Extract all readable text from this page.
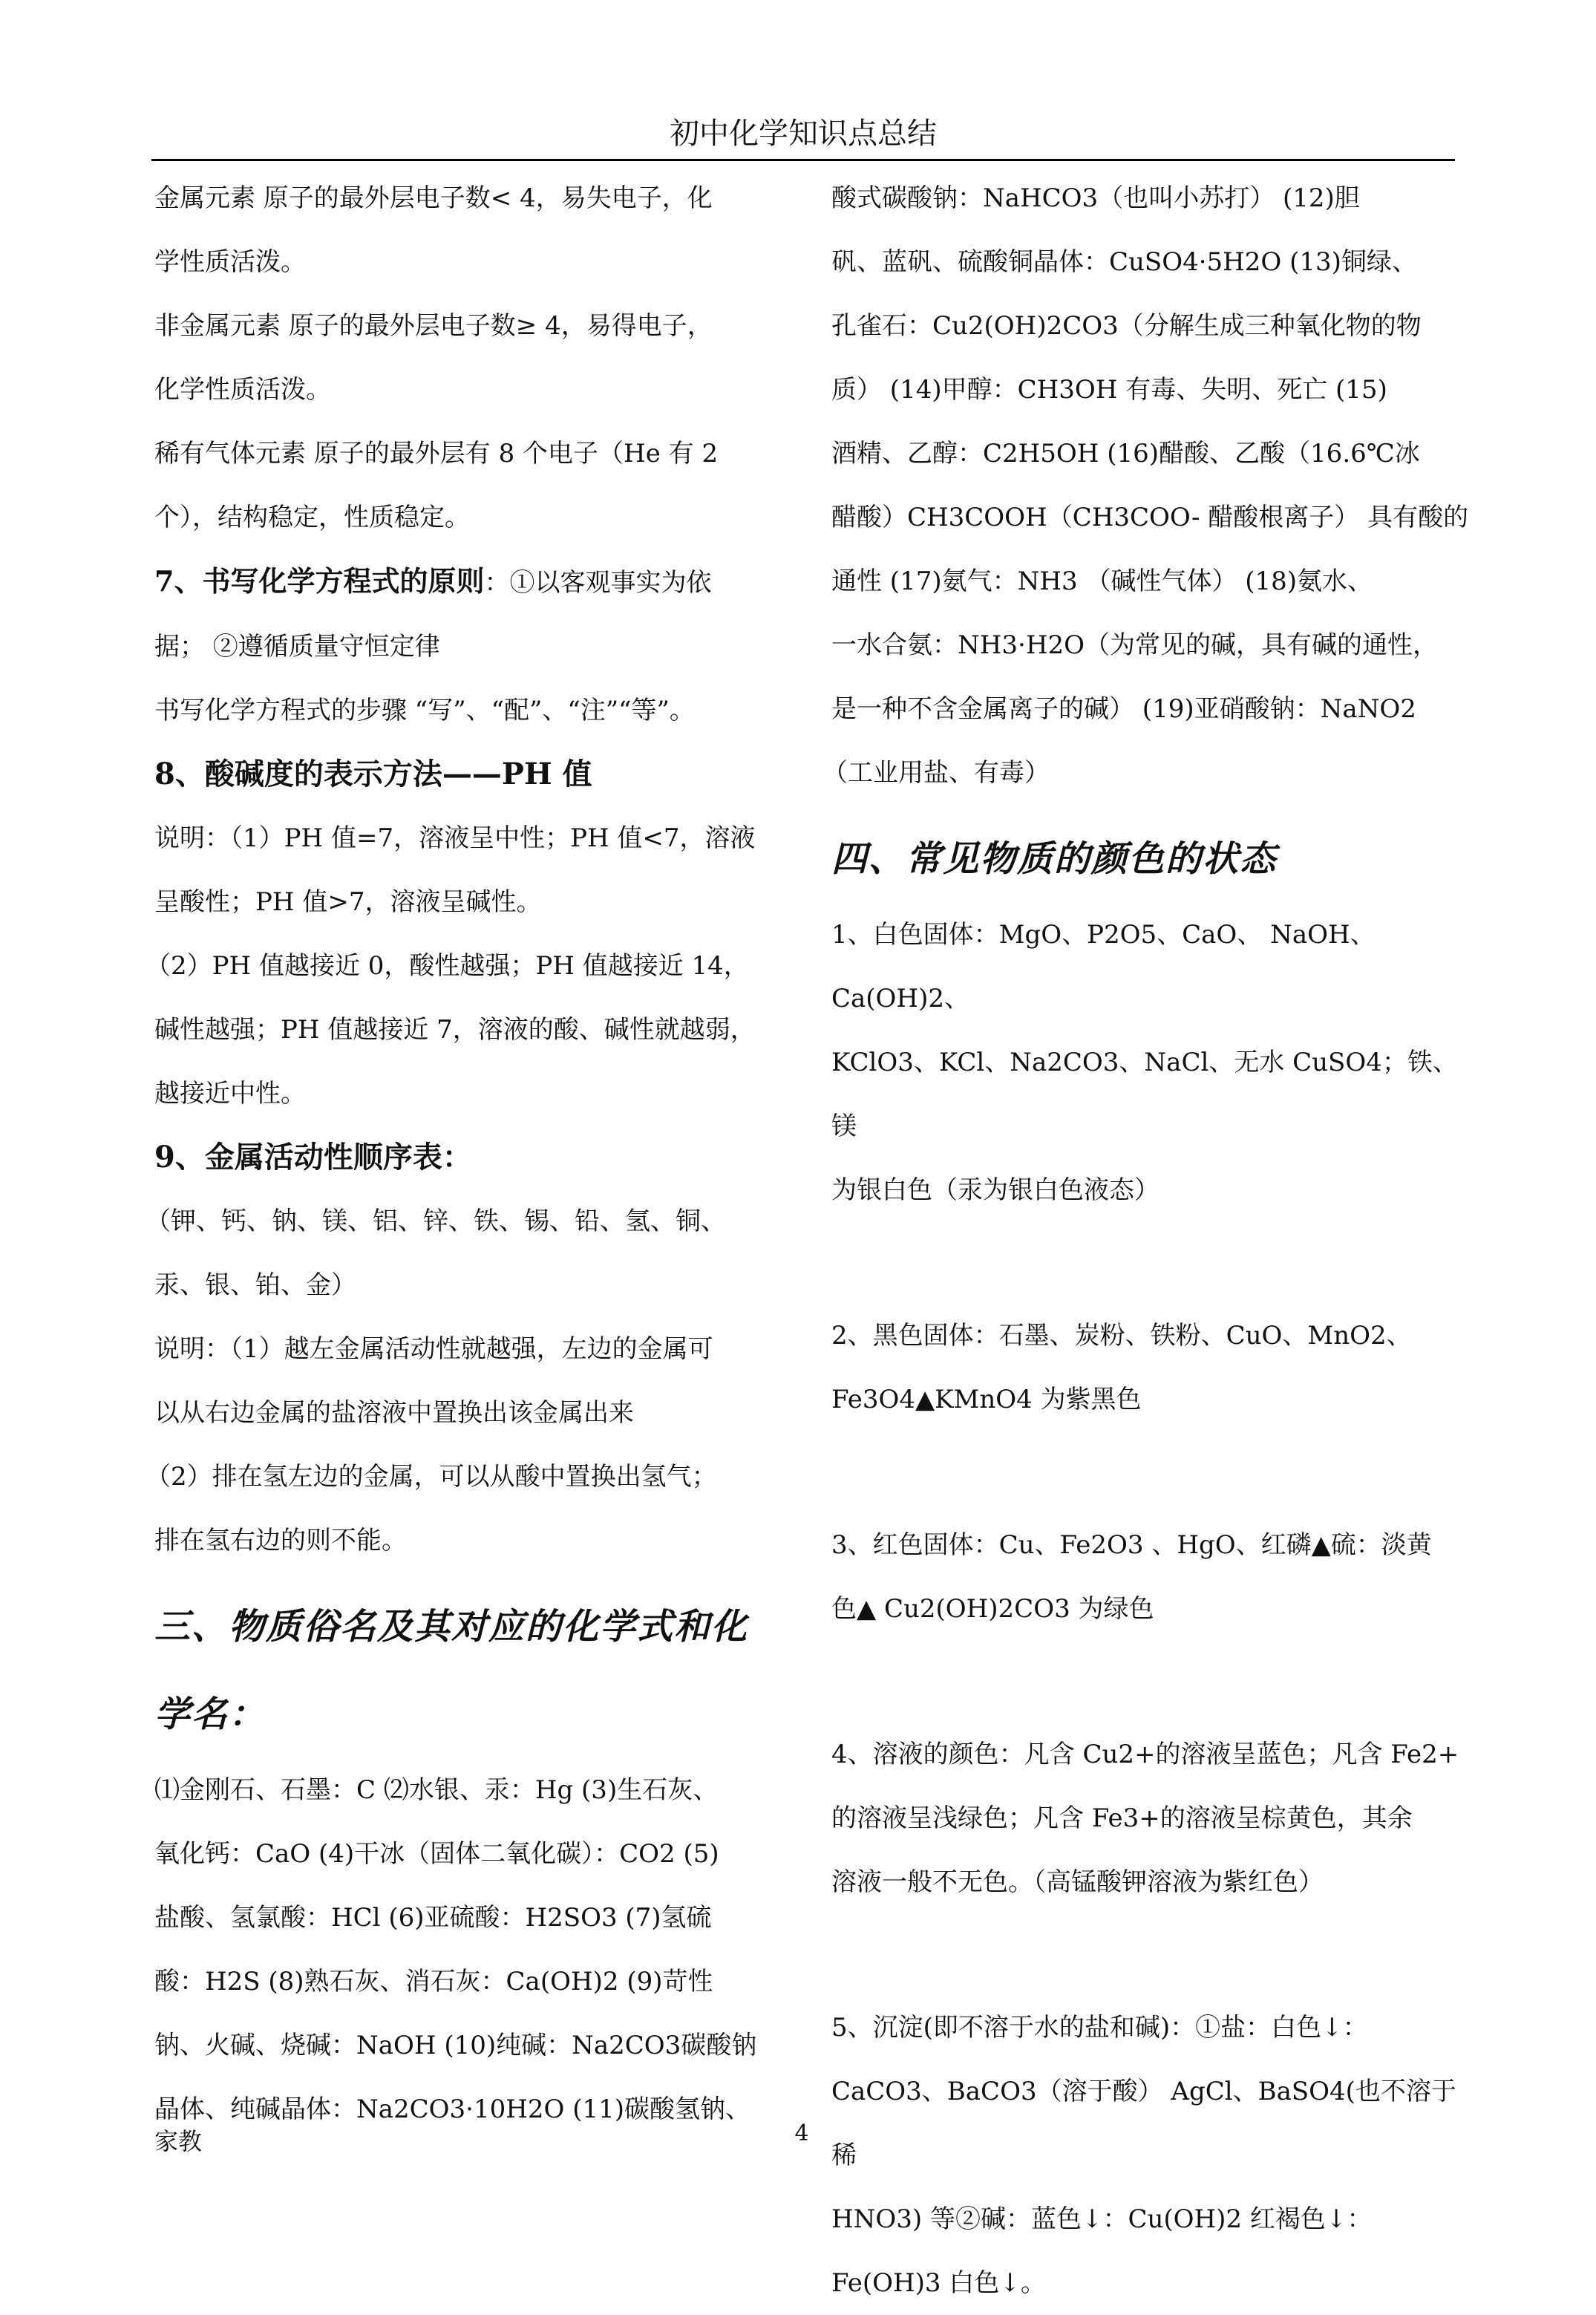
初中化学知识点总结

金属元素 原子的最外层电子数< 4，易失电子，化

学性质活泼。

非金属元素 原子的最外层电子数≥ 4，易得电子，

化学性质活泼。

稀有气体元素 原子的最外层有 8 个电子（He 有 2

个），结构稳定，性质稳定。

7、书写化学方程式的原则：①以客观事实为依

据； ②遵循质量守恒定律

书写化学方程式的步骤 “写”、“配”、“注”“等”。

8、酸碱度的表示方法——PH 值

说明：（1）PH 值=7，溶液呈中性；PH 值<7，溶液

呈酸性；PH 值>7，溶液呈碱性。

（2）PH 值越接近 0，酸性越强；PH 值越接近 14，

碱性越强；PH 值越接近 7，溶液的酸、碱性就越弱，

越接近中性。

9、金属活动性顺序表：

（钾、钙、钠、镁、铝、锌、铁、锡、铅、氢、铜、

汞、银、铂、金）

说明：（1）越左金属活动性就越强，左边的金属可

以从右边金属的盐溶液中置换出该金属出来

（2）排在氢左边的金属，可以从酸中置换出氢气；

排在氢右边的则不能。

三、物质俗名及其对应的化学式和化

学名：

⑴金刚石、石墨：C ⑵水银、汞：Hg (3)生石灰、

氧化钙：CaO (4)干冰（固体二氧化碳）：CO2 (5)

盐酸、氢氯酸：HCl (6)亚硫酸：H2SO3 (7)氢硫

酸：H2S (8)熟石灰、消石灰：Ca(OH)2 (9)苛性

钠、火碱、烧碱：NaOH (10)纯碱：Na2CO3碳酸钠

晶体、纯碱晶体：Na2CO3·10H2O (11)碳酸氢钠、

酸式碳酸钠：NaHCO3（也叫小苏打） (12)胆

矾、蓝矾、硫酸铜晶体：CuSO4·5H2O (13)铜绿、

孔雀石：Cu2(OH)2CO3（分解生成三种氧化物的物

质） (14)甲醇：CH3OH 有毒、失明、死亡 (15)

酒精、乙醇：C2H5OH (16)醋酸、乙酸（16.6℃冰

醋酸）CH3COOH（CH3COO- 醋酸根离子） 具有酸的

通性 (17)氨气：NH3 （碱性气体） (18)氨水、

一水合氨：NH3·H2O（为常见的碱，具有碱的通性，

是一种不含金属离子的碱） (19)亚硝酸钠：NaNO2

（工业用盐、有毒）

四、常见物质的颜色的状态

1、白色固体：MgO、P2O5、CaO、 NaOH、Ca(OH)2、

KClO3、KCl、Na2CO3、NaCl、无水 CuSO4；铁、镁

为银白色（汞为银白色液态）

2、黑色固体：石墨、炭粉、铁粉、CuO、MnO2、

Fe3O4▲KMnO4 为紫黑色

3、红色固体：Cu、Fe2O3 、HgO、红磷▲硫：淡黄

色▲ Cu2(OH)2CO3 为绿色

4、溶液的颜色：凡含 Cu2+的溶液呈蓝色；凡含 Fe2+

的溶液呈浅绿色；凡含 Fe3+的溶液呈棕黄色，其余

溶液一般不无色。（高锰酸钾溶液为紫红色）

5、沉淀(即不溶于水的盐和碱)：①盐：白色↓：

CaCO3、BaCO3（溶于酸） AgCl、BaSO4(也不溶于稀

HNO3) 等②碱：蓝色↓：Cu(OH)2 红褐色↓：

Fe(OH)3 白色↓。

家教	4
